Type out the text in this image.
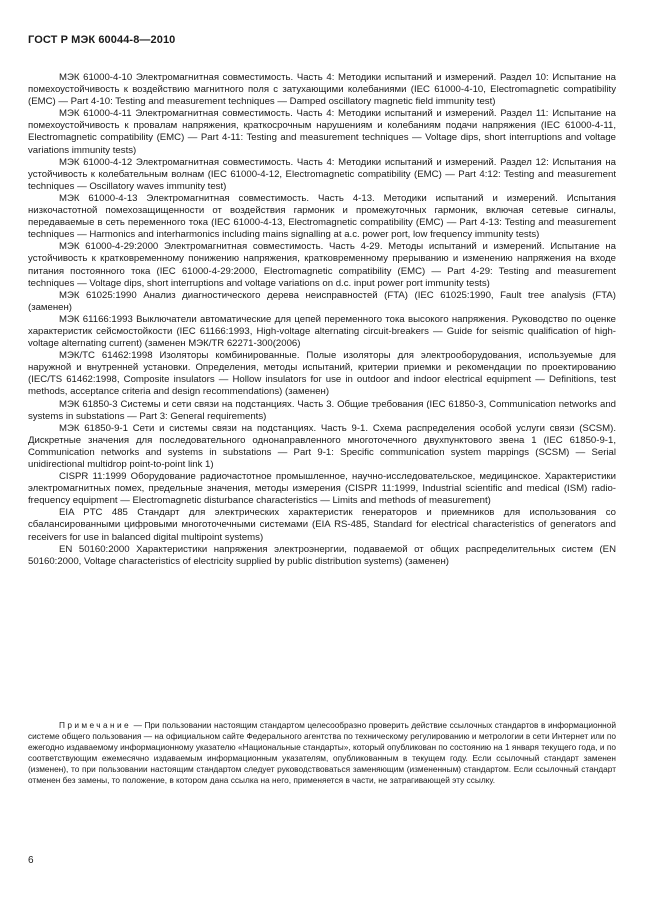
ГОСТ Р МЭК 60044-8—2010

МЭК 61000-4-10 Электромагнитная совместимость. Часть 4: Методики испытаний и измерений. Раздел 10: Испытание на помехоустойчивость к воздействию магнитного поля с затухающими колебаниями (IEC 61000-4-10, Electromagnetic compatibility (EMC) — Part 4-10: Testing and measurement techniques — Damped oscillatory magnetic field immunity test)

МЭК 61000-4-11 Электромагнитная совместимость. Часть 4: Методики испытаний и измерений. Раздел 11: Испытание на помехоустойчивость к провалам напряжения, краткосрочным нарушениям и колебаниям подачи напряжения (IEC 61000-4-11, Electromagnetic compatibility (EMC) — Part 4-11: Testing and measurement techniques — Voltage dips, short interruptions and voltage variations immunity tests)

МЭК 61000-4-12 Электромагнитная совместимость. Часть 4: Методики испытаний и измерений. Раздел 12: Испытания на устойчивость к колебательным волнам (IEC 61000-4-12, Electromagnetic compatibility (EMC) — Part 4:12: Testing and measurement techniques — Oscillatory waves immunity test)

МЭК 61000-4-13 Электромагнитная совместимость. Часть 4-13. Методики испытаний и измерений. Испытания низкочастотной помехозащищенности от воздействия гармоник и промежуточных гармоник, включая сетевые сигналы, передаваемые в сеть переменного тока (IEC 61000-4-13, Electromagnetic compatibility (EMC) — Part 4-13: Testing and measurement techniques — Harmonics and interharmonics including mains signalling at a.c. power port, low frequency immunity tests)

МЭК 61000-4-29:2000 Электромагнитная совместимость. Часть 4-29. Методы испытаний и измерений. Испытание на устойчивость к кратковременному понижению напряжения, кратковременному прерыванию и изменению напряжения на входе питания постоянного тока (IEC 61000-4-29:2000, Electromagnetic compatibility (EMC) — Part 4-29: Testing and measurement techniques — Voltage dips, short interruptions and voltage variations on d.c. input power port immunity tests)

МЭК 61025:1990 Анализ диагностического дерева неисправностей (FTA) (IEC 61025:1990, Fault tree analysis (FTA) (заменен)

МЭК 61166:1993 Выключатели автоматические для цепей переменного тока высокого напряжения. Руководство по оценке характеристик сейсмостойкости (IEC 61166:1993, High-voltage alternating circuit-breakers — Guide for seismic qualification of high-voltage alternating current) (заменен МЭК/TR 62271-300(2006)

МЭК/ТС 61462:1998 Изоляторы комбинированные. Полые изоляторы для электрооборудования, используемые для наружной и внутренней установки. Определения, методы испытаний, критерии приемки и рекомендации по проектированию (IEC/TS 61462:1998, Composite insulators — Hollow insulators for use in outdoor and indoor electrical equipment — Definitions, test methods, acceptance criteria and design recommendations) (заменен)

МЭК 61850-3 Системы и сети связи на подстанциях. Часть 3. Общие требования (IEC 61850-3, Communication networks and systems in substations — Part 3: General requirements)

МЭК 61850-9-1 Сети и системы связи на подстанциях. Часть 9-1. Схема распределения особой услуги связи (SCSM). Дискретные значения для последовательного однонаправленного многоточечного двухпунктового звена 1 (IEC 61850-9-1, Communication networks and systems in substations — Part 9-1: Specific communication system mappings (SCSM) — Serial unidirectional multidrop point-to-point link 1)

CISPR 11:1999 Оборудование радиочастотное промышленное, научно-исследовательское, медицинское. Характеристики электромагнитных помех, предельные значения, методы измерения (CISPR 11:1999, Industrial scientific and medical (ISM) radio-frequency equipment — Electromagnetic disturbance characteristics — Limits and methods of measurement)

EIA PTC 485 Стандарт для электрических характеристик генераторов и приемников для использования со сбалансированными цифровыми многоточечными системами (EIA RS-485, Standard for electrical characteristics of generators and receivers for use in balanced digital multipoint systems)

EN 50160:2000 Характеристики напряжения электроэнергии, подаваемой от общих распределительных систем (EN 50160:2000, Voltage characteristics of electricity supplied by public distribution systems) (заменен)

Примечание — При пользовании настоящим стандартом целесообразно проверить действие ссылочных стандартов в информационной системе общего пользования — на официальном сайте Федерального агентства по техническому регулированию и метрологии в сети Интернет или по ежегодно издаваемому информационному указателю «Национальные стандарты», который опубликован по состоянию на 1 января текущего года, и по соответствующим ежемесячно издаваемым информационным указателям, опубликованным в текущем году. Если ссылочный стандарт заменен (изменен), то при пользовании настоящим стандартом следует руководствоваться заменяющим (измененным) стандартом. Если ссылочный стандарт отменен без замены, то положение, в котором дана ссылка на него, применяется в части, не затрагивающей эту ссылку.

6
